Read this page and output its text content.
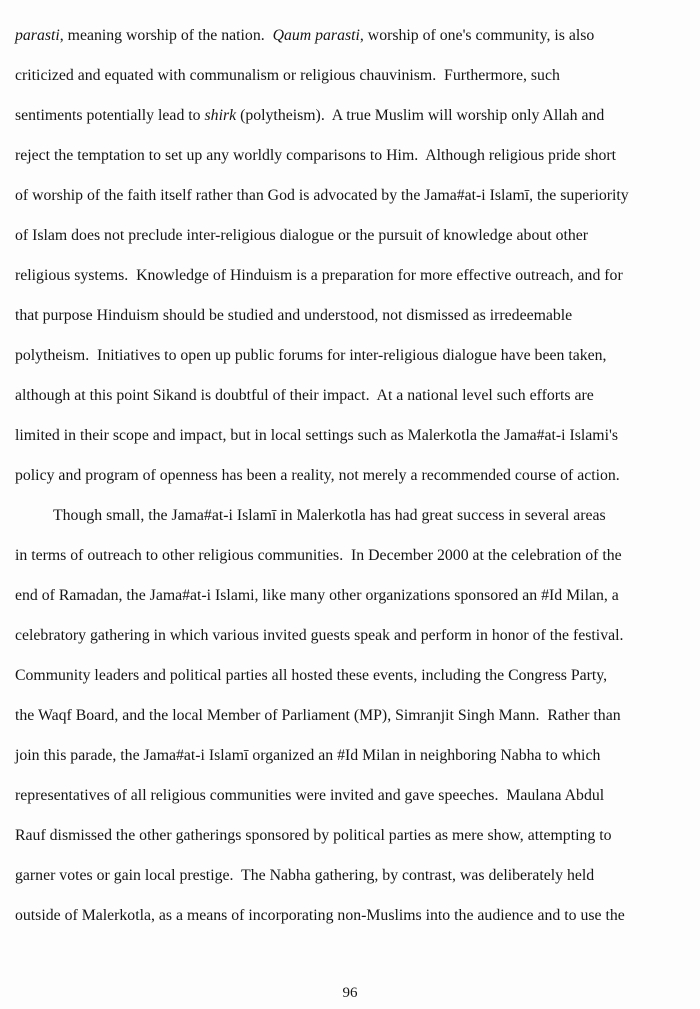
parasti, meaning worship of the nation.  Qaum parasti, worship of one's community, is also
criticized and equated with communalism or religious chauvinism.  Furthermore, such
sentiments potentially lead to shirk (polytheism).  A true Muslim will worship only Allah and
reject the temptation to set up any worldly comparisons to Him.  Although religious pride short
of worship of the faith itself rather than God is advocated by the Jama#at-i Islamī, the superiority
of Islam does not preclude inter-religious dialogue or the pursuit of knowledge about other
religious systems.  Knowledge of Hinduism is a preparation for more effective outreach, and for
that purpose Hinduism should be studied and understood, not dismissed as irredeemable
polytheism.  Initiatives to open up public forums for inter-religious dialogue have been taken,
although at this point Sikand is doubtful of their impact.  At a national level such efforts are
limited in their scope and impact, but in local settings such as Malerkotla the Jama#at-i Islami's
policy and program of openness has been a reality, not merely a recommended course of action.
Though small, the Jama#at-i Islamī in Malerkotla has had great success in several areas
in terms of outreach to other religious communities.  In December 2000 at the celebration of the
end of Ramadan, the Jama#at-i Islami, like many other organizations sponsored an #Id Milan, a
celebratory gathering in which various invited guests speak and perform in honor of the festival.
Community leaders and political parties all hosted these events, including the Congress Party,
the Waqf Board, and the local Member of Parliament (MP), Simranjit Singh Mann.  Rather than
join this parade, the Jama#at-i Islamī organized an #Id Milan in neighboring Nabha to which
representatives of all religious communities were invited and gave speeches.  Maulana Abdul
Rauf dismissed the other gatherings sponsored by political parties as mere show, attempting to
garner votes or gain local prestige.  The Nabha gathering, by contrast, was deliberately held
outside of Malerkotla, as a means of incorporating non-Muslims into the audience and to use the
96
